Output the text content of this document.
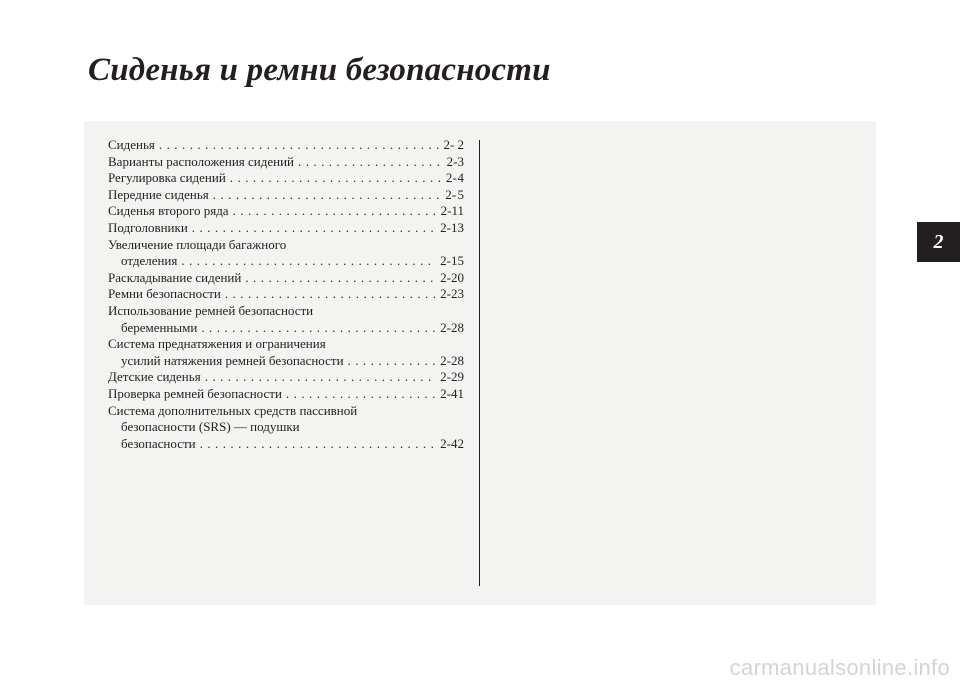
Сиденья и ремни безопасности
Сиденья . . .	2- 2
Варианты расположения сидений . . .	2- 3
Регулировка сидений . . .	2- 4
Передние сиденья . . .	2- 5
Сиденья второго ряда . . .	2- 11
Подголовники . . .	2- 13
Увеличение площади багажного
отделения . . .	2- 15
Раскладывание сидений . . .	2- 20
Ремни безопасности . . .	2- 23
Использование ремней безопасности
беременными . . .	2- 28
Система преднатяжения и ограничения
усилий натяжения ремней безопасности . . .	2- 28
Детские сиденья . . .	2- 29
Проверка ремней безопасности . . .	2- 41
Система дополнительных средств пассивной
безопасности (SRS) — подушки
безопасности . . .	2- 42
2
carmanualsonline.info
